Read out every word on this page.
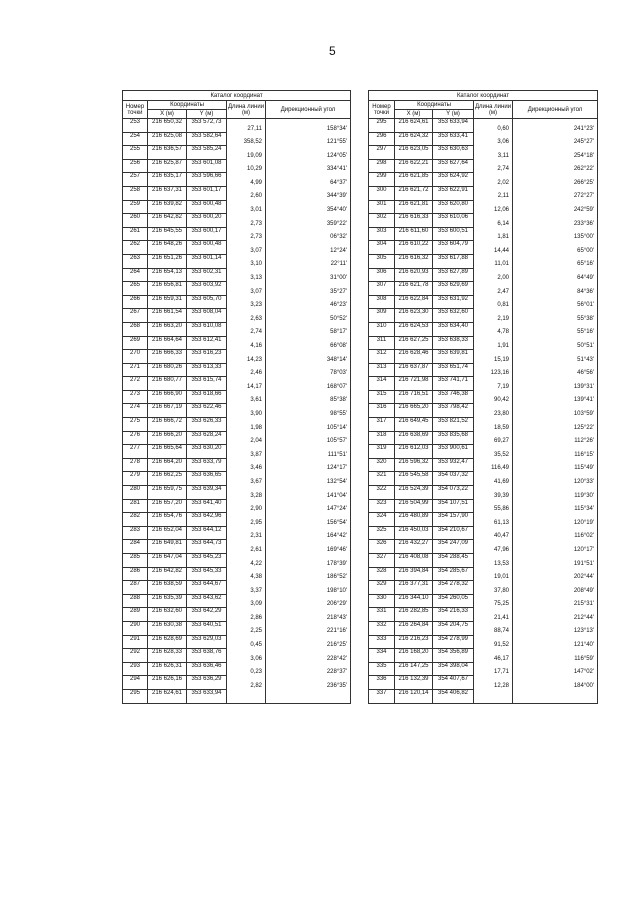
5
Каталог координат				
Номер точки	Координаты		Длина линии (м)	Дирекционный угол
	X (м)	Y (м)		
253	216 650,32	353 572,73	27,11	158°34'
254	216 625,08	353 582,64	358,52	121°55'
255	216 636,57	353 585,24	19,09	124°05'
256	216 625,87	353 601,08	10,29	334°41'
257	216 635,17	353 596,66	4,99	64°37'
258	216 637,31	353 601,17	2,60	344°39'
259	216 639,82	353 600,48	3,01	354°40'
260	216 642,82	353 600,20	2,73	359°22'
261	216 645,55	353 600,17	2,73	06°32'
262	216 648,26	353 600,48	3,07	12°24'
263	216 651,26	353 601,14	3,10	22°11'
264	216 654,13	353 602,31	3,13	31°00'
265	216 656,81	353 603,92	3,07	35°27'
266	216 659,31	353 605,70	3,23	46°23'
267	216 661,54	353 608,04	2,63	50°52'
268	216 663,20	353 610,08	2,74	58°17'
269	216 664,64	353 612,41	4,16	66°08'
270	216 666,33	353 616,23	14,23	348°14'
271	216 680,26	353 613,33	2,46	78°03'
272	216 680,77	353 615,74	14,17	168°07'
273	216 666,90	353 618,66	3,61	85°38'
274	216 667,19	353 622,46	3,90	98°55'
275	216 666,72	353 626,33	1,98	105°14'
276	216 666,20	353 628,24	2,04	105°57'
277	216 665,64	353 630,20	3,87	111°51'
278	216 664,20	353 633,79	3,46	124°17'
279	216 662,25	353 636,65	3,67	132°54'
280	216 659,75	353 639,34	3,28	141°04'
281	216 657,20	353 641,40	2,90	147°24'
282	216 654,76	353 642,96	2,95	156°54'
283	216 652,04	353 644,12	2,31	164°42'
284	216 649,81	353 644,73	2,61	169°46'
285	216 647,04	353 645,23	4,22	178°39'
286	216 642,82	353 645,33	4,38	186°52'
287	216 638,59	353 644,67	3,37	198°10'
288	216 635,39	353 643,62	3,09	206°29'
289	216 632,60	353 642,29	2,86	218°43'
290	216 630,38	353 640,51	2,25	221°16'
291	216 628,69	353 629,03	0,45	216°25'
292	216 628,33	353 638,76	3,06	228°42'
293	216 626,31	353 636,46	0,23	228°37'
294	216 626,16	353 636,29	2,82	236°35'
295	216 624,61	353 633,94		
Каталог координат				
Номер точки	Координаты		Длина линии (м)	Дирекционный угол
	X (м)	Y (м)		
295	216 624,61	353 633,94	0,60	241°23'
296	216 624,32	353 633,41	3,06	245°27'
297	216 623,05	353 630,63	3,11	254°18'
298	216 622,21	353 627,64	2,74	262°22'
299	216 621,85	353 624,92	2,02	266°25'
300	216 621,72	353 622,91	2,11	272°27'
301	216 621,81	353 620,80	12,06	242°59'
302	216 616,33	353 610,06	6,14	233°36'
303	216 611,60	353 600,51	1,81	135°00'
304	216 610,22	353 604,79	14,44	65°00'
305	216 616,32	353 617,88	11,01	65°16'
306	216 620,93	353 627,89	2,00	64°49'
307	216 621,78	353 629,69	2,47	84°36'
308	216 622,84	353 631,92	0,81	56°01'
309	216 623,30	353 632,60	2,19	55°38'
310	216 624,53	353 634,40	4,78	55°16'
311	216 627,25	353 638,33	1,91	50°51'
312	216 628,46	353 639,81	15,19	51°43'
313	216 637,87	353 651,74	123,16	46°56'
314	216 721,98	353 741,71	7,19	139°31'
315	216 716,51	353 746,38	90,42	139°41'
316	216 665,20	353 798,42	23,80	103°59'
317	216 649,45	353 821,52	18,59	125°22'
318	216 638,69	353 835,68	69,27	112°26'
319	216 612,03	353 900,61	35,52	116°15'
320	216 596,32	353 932,47	116,49	115°49'
321	216 545,58	354 037,32	41,69	120°33'
322	216 524,39	354 073,22	39,39	119°30'
323	216 504,99	354 107,51	55,86	115°34'
324	216 480,89	354 157,90	61,13	120°19'
325	216 450,03	354 210,67	40,47	116°02'
326	216 432,27	354 247,09	47,96	120°17'
327	216 408,08	354 288,45	13,53	191°51'
328	216 394,84	354 285,67	19,01	202°44'
329	216 377,31	354 278,32	37,80	208°49'
330	216 344,10	354 260,05	75,25	215°31'
331	216 282,85	354 216,33	21,41	212°44'
332	216 264,84	354 204,75	88,74	123°13'
333	216 216,23	354 278,99	91,52	121°40'
334	216 168,20	354 356,89	46,17	116°59'
335	216 147,25	354 398,04	17,71	147°02'
336	216 132,39	354 407,67	12,28	184°00'
337	216 120,14	354 406,82		
